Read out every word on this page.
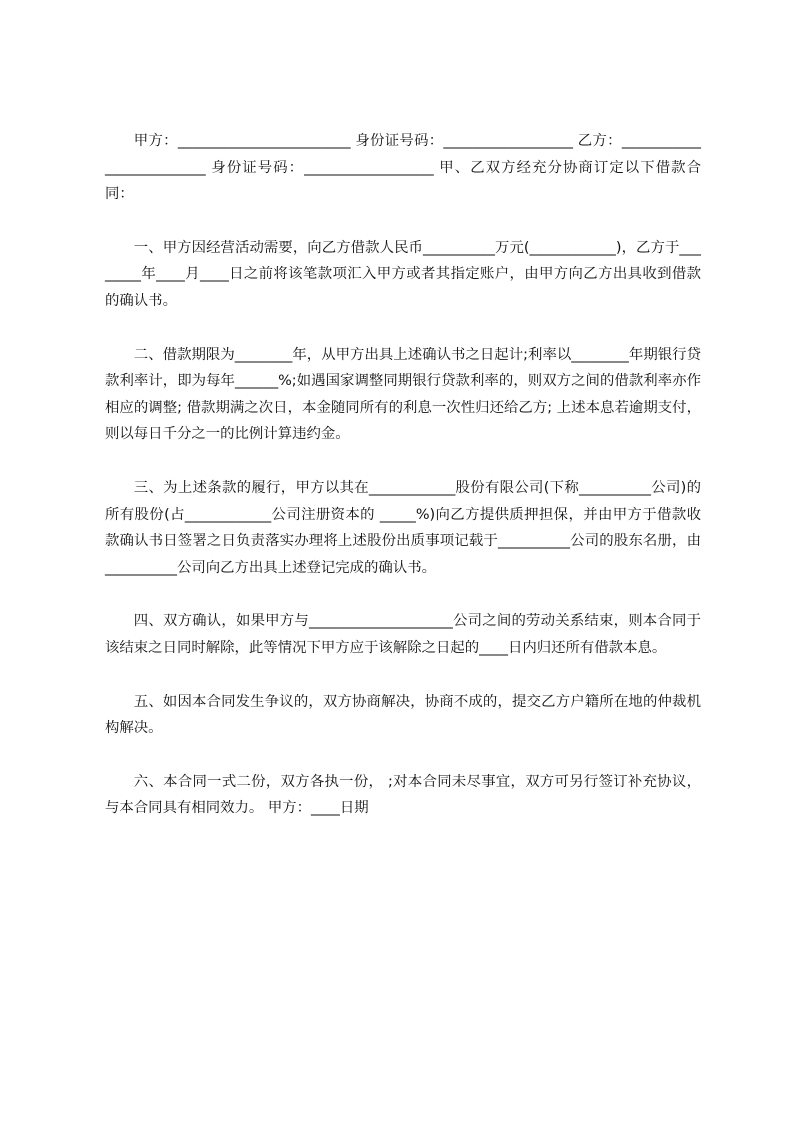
甲方：________________________ 身份证号码：__________________ 乙方：_________________________ 身份证号码：__________________ 甲、乙双方经充分协商订定以下借款合同：

一、甲方因经营活动需要，向乙方借款人民币__________万元(____________)，乙方于________年____月____日之前将该笔款项汇入甲方或者其指定账户，由甲方向乙方出具收到借款的确认书。

二、借款期限为________年，从甲方出具上述确认书之日起计;利率以________年期银行贷款利率计，即为每年______%;如遇国家调整同期银行贷款利率的，则双方之间的借款利率亦作相应的调整; 借款期满之次日，本金随同所有的利息一次性归还给乙方; 上述本息若逾期支付，则以每日千分之一的比例计算违约金。

三、为上述条款的履行，甲方以其在____________股份有限公司(下称__________公司)的所有股份(占____________公司注册资本的 _____%)向乙方提供质押担保，并由甲方于借款收款确认书日签署之日负责落实办理将上述股份出质事项记载于__________公司的股东名册，由__________公司向乙方出具上述登记完成的确认书。

四、双方确认，如果甲方与____________________公司之间的劳动关系结束，则本合同于该结束之日同时解除，此等情况下甲方应于该解除之日起的____日内归还所有借款本息。

五、如因本合同发生争议的，双方协商解决，协商不成的，提交乙方户籍所在地的仲裁机构解决。

六、本合同一式二份，双方各执一份， ;对本合同未尽事宜，双方可另行签订补充协议，与本合同具有相同效力。 甲方：____日期
